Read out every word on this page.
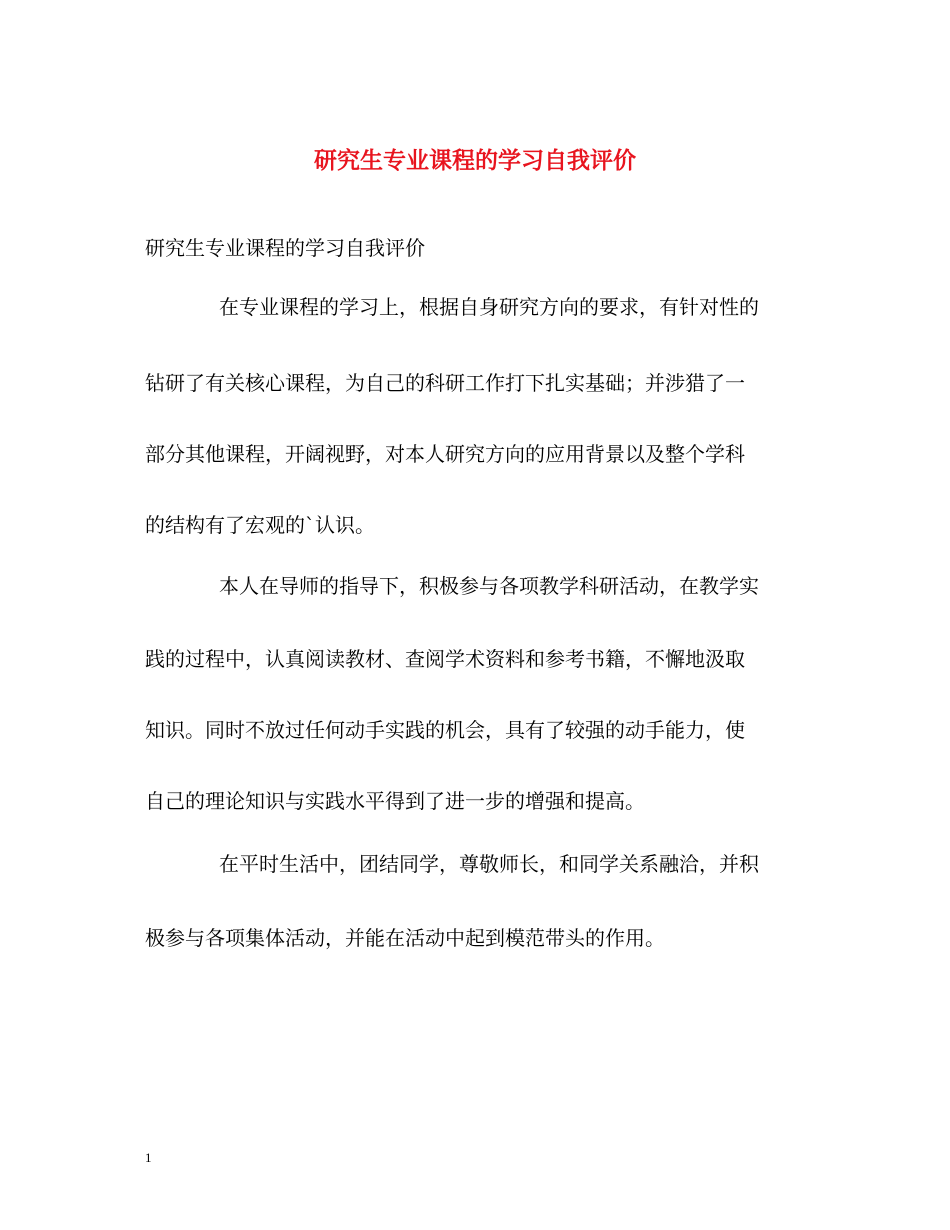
研究生专业课程的学习自我评价

研究生专业课程的学习自我评价

在专业课程的学习上，根据自身研究方向的要求，有针对性的

钻研了有关核心课程，为自己的科研工作打下扎实基础；并涉猎了一

部分其他课程，开阔视野，对本人研究方向的应用背景以及整个学科

的结构有了宏观的`认识。

本人在导师的指导下，积极参与各项教学科研活动，在教学实

践的过程中，认真阅读教材、查阅学术资料和参考书籍，不懈地汲取

知识。同时不放过任何动手实践的机会，具有了较强的动手能力，使

自己的理论知识与实践水平得到了进一步的增强和提高。

在平时生活中，团结同学，尊敬师长，和同学关系融洽，并积

极参与各项集体活动，并能在活动中起到模范带头的作用。

1
